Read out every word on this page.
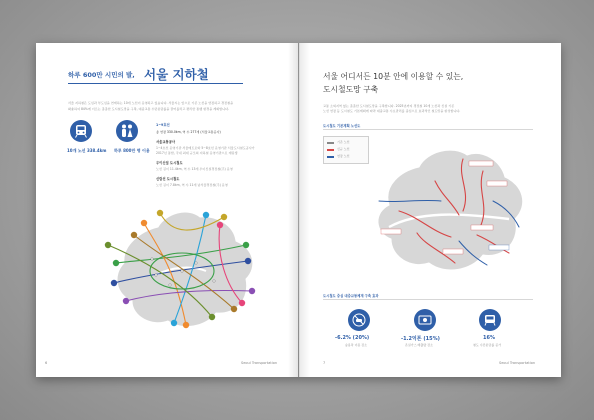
하루 600만 시민의 발, 서울 지하철
서울 지하철은 도심과 부도심을 연계하는 10개 노선이 운영되고 있습니다. 서울시는 앞으로 기존 노선을 연장하고 경전철을
확충하여 84%에 이르는 촘촘한 도시철도망을 구축, 대중교통 수단분담률을 끌어올리고 편리한 통행 환경을 계획합니다.
10개 노선 338.4km 하루 800만 명 이용
1~9호선
총 연장 330.0km, 역 수 277개 (서울교통공사)
서울교통공사
1~4호선 운영기관 서울메트로와 5~8호선 운영기관 서울도시철도공사가
2017년 통합, 국내 최대 규모의 지하철 운영기관으로 재탄생
우이신설 도시철도
노선 길이 11.4km, 역 수 13개 우이신설경전철(주) 운영
신림선 도시철도
노선 길이 7.8km, 역 수 11개 남서울경전철(주) 운영
6	Seoul Transportation
서울 어디서든 10분 안에 이용할 수 있는,
도시철도망 구축
교통 소외지역 없는 촘촘한 도시철도망을 구축합니다. 2025년까지 경전철 10개 노선과 신설 기존
노선 연장 등 도시철도 기본계획에 따라 대중교통 수요관리를 중심으로 효과적인 철도망을 완성합니다.
도시철도 기본계획 노선도
기존 노선
신규 노선
연장 노선
도시철도 중심 대중교통체계 구축 효과
-6.2% (20%)
승용차 이용 감소
-1.2억톤 (15%)
온실가스 배출량 감소
16%
철도 수단분담률 증가
7	Seoul Transportation
